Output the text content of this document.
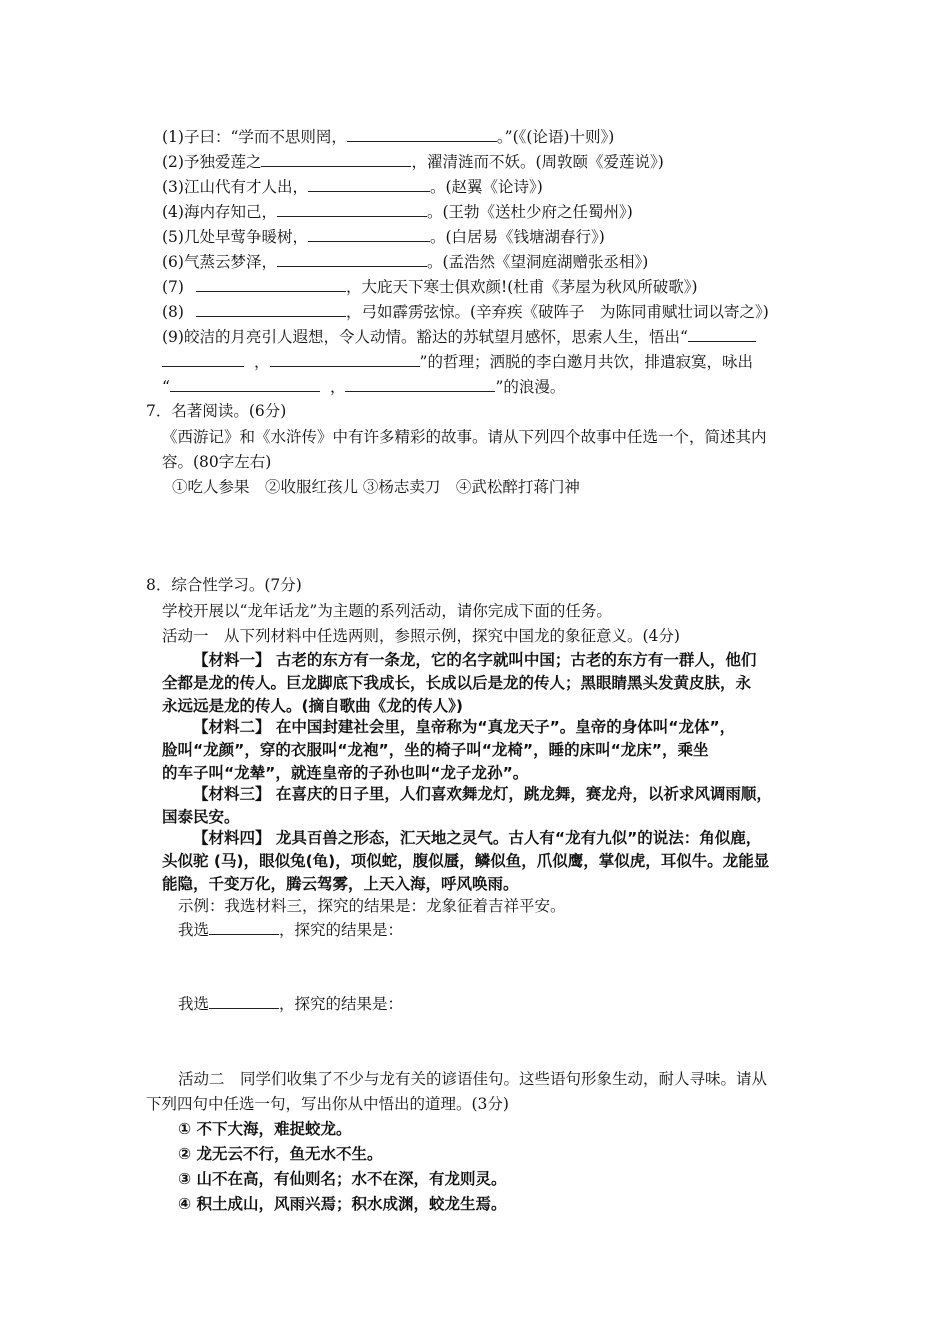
(1)子曰：“学而不思则罔，	。”(《(论语)十则》)
(2)予独爱莲之	，濯清涟而不妖。(周敦颐《爱莲说》)
(3)江山代有才人出，	。(赵翼《论诗》)
(4)海内存知己，	。(王勃《送杜少府之任蜀州》)
(5)几处早莺争暖树，	。(白居易《钱塘湖春行》)
(6)气蒸云梦泽，	。(孟浩然《望洞庭湖赠张丞相》)
(7)	，大庇天下寒士俱欢颜!(杜甫《茅屋为秋风所破歌》)
(8)	，弓如霹雳弦惊。(辛弃疾《破阵子　为陈同甫赋壮词以寄之》)
(9)皎洁的月亮引人遐想，令人动情。豁达的苏轼望月感怀，思索人生，悟出“
，	”的哲理；洒脱的李白邀月共饮，排遣寂寞，咏出
“	，	”的浪漫。
7．名著阅读。(6分)
《西游记》和《水浒传》中有许多精彩的故事。请从下列四个故事中任选一个，简述其内
容。(80字左右)
①吃人参果　②收服红孩儿 ③杨志卖刀　④武松醉打蒋门神
8．综合性学习。(7分)
学校开展以“龙年话龙”为主题的系列活动，请你完成下面的任务。
活动一　从下列材料中任选两则，参照示例，探究中国龙的象征意义。(4分)
【材料一】 古老的东方有一条龙，它的名字就叫中国；古老的东方有一群人，他们
全都是龙的传人。巨龙脚底下我成长，长成以后是龙的传人；黑眼睛黑头发黄皮肤，永
永远远是龙的传人。(摘自歌曲《龙的传人》)
【材料二】 在中国封建社会里，皇帝称为“真龙天子”。皇帝的身体叫“龙体”，
脸叫“龙颜”，穿的衣服叫“龙袍”，坐的椅子叫“龙椅”，睡的床叫“龙床”，乘坐
的车子叫“龙辇”，就连皇帝的子孙也叫“龙子龙孙”。
【材料三】 在喜庆的日子里，人们喜欢舞龙灯，跳龙舞，赛龙舟，以祈求风调雨顺，
国泰民安。
【材料四】 龙具百兽之形态，汇天地之灵气。古人有“龙有九似”的说法：角似鹿，
头似驼 (马)，眼似兔(龟)，项似蛇，腹似蜃，鳞似鱼，爪似鹰，掌似虎，耳似牛。龙能显
能隐，千变万化，腾云驾雾，上天入海，呼风唤雨。
示例：我选材料三，探究的结果是：龙象征着吉祥平安。
我选	，探究的结果是：
我选	，探究的结果是：
活动二　同学们收集了不少与龙有关的谚语佳句。这些语句形象生动，耐人寻味。请从
下列四句中任选一句，写出你从中悟出的道理。(3分)
① 不下大海，难捉蛟龙。
② 龙无云不行，鱼无水不生。
③ 山不在高，有仙则名；水不在深，有龙则灵。
④ 积土成山，风雨兴焉；积水成渊，蛟龙生焉。
